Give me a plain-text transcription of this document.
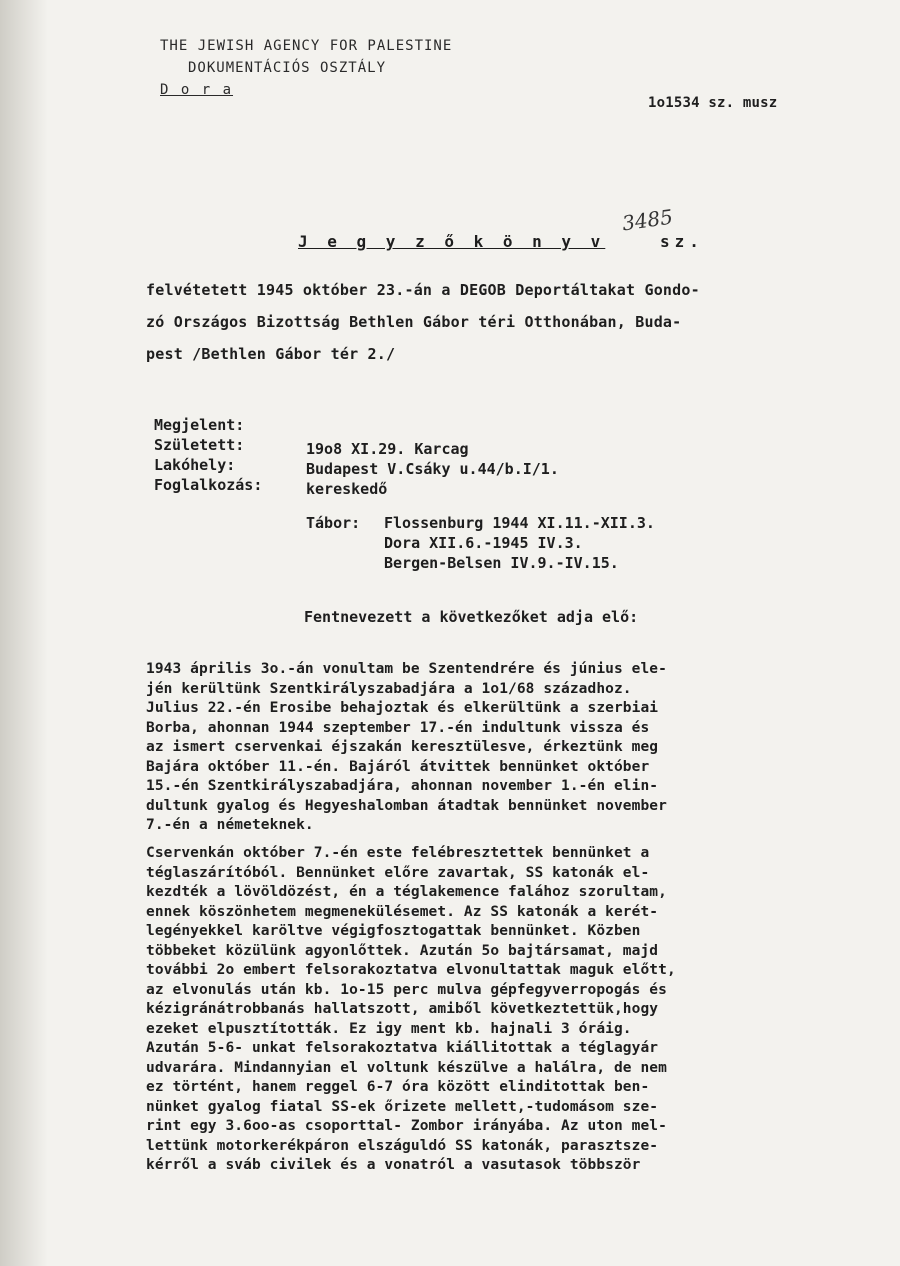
THE JEWISH AGENCY FOR PALESTINE
DOKUMENTÁCIÓS OSZTÁLY
D o r a
1o1534 sz. musz
J e g y z ő k ö n y v	sz.
3485
felvétetett 1945 október 23.-án a DEGOB Deportáltakat Gondo-
zó Országos Bizottság Bethlen Gábor téri Otthonában, Buda-
pest /Bethlen Gábor tér 2./
Megjelent:
Született:	19o8 XI.29. Karcag
Lakóhely:	Budapest V.Csáky u.44/b.I/1.
Foglalkozás:	kereskedő
Tábor: Flossenburg 1944 XI.11.-XII.3.
Dora XII.6.-1945 IV.3.
Bergen-Belsen IV.9.-IV.15.
Fentnevezett a következőket adja elő:
1943 április 3o.-án vonultam be Szentendrére és június ele-
jén kerültünk Szentkirályszabadjára a 1o1/68 századhoz.
Julius 22.-én Erosibe behajoztak és elkerültünk a szerbiai
Borba, ahonnan 1944 szeptember 17.-én indultunk vissza és
az ismert cservenkai éjszakán keresztülesve, érkeztünk meg
Bajára október 11.-én. Bajáról átvittek bennünket október
15.-én Szentkirályszabadjára, ahonnan november 1.-én elin-
dultunk gyalog és Hegyeshalomban átadtak bennünket november
7.-én a németeknek.
Cservenkán október 7.-én este felébresztettek bennünket a
téglaszárítóból. Bennünket előre zavartak, SS katonák el-
kezdték a lövöldözést, én a téglakemence falához szorultam,
ennek köszönhetem megmenekülésemet. Az SS katonák a kerét-
legényekkel karöltve végigfosztogattak bennünket. Közben
többeket közülünk agyonlőttek. Azután 5o bajtársamat, majd
további 2o embert felsorakoztatva elvonultattak maguk előtt,
az elvonulás után kb. 1o-15 perc mulva gépfegyverropogás és
kézigránátrobbanás hallatszott, amiből következtettük,hogy
ezeket elpusztították. Ez igy ment kb. hajnali 3 óráig.
Azután 5-6- unkat felsorakoztatva kiállitottak a téglagyár
udvarára. Mindannyian el voltunk készülve a halálra, de nem
ez történt, hanem reggel 6-7 óra között elinditottak ben-
nünket gyalog fiatal SS-ek őrizete mellett,-tudomásom sze-
rint egy 3.6oo-as csoporttal- Zombor irányába. Az uton mel-
lettünk motorkerékpáron elszáguldó SS katonák, parasztsze-
kérről a sváb civilek és a vonatról a vasutasok többször
